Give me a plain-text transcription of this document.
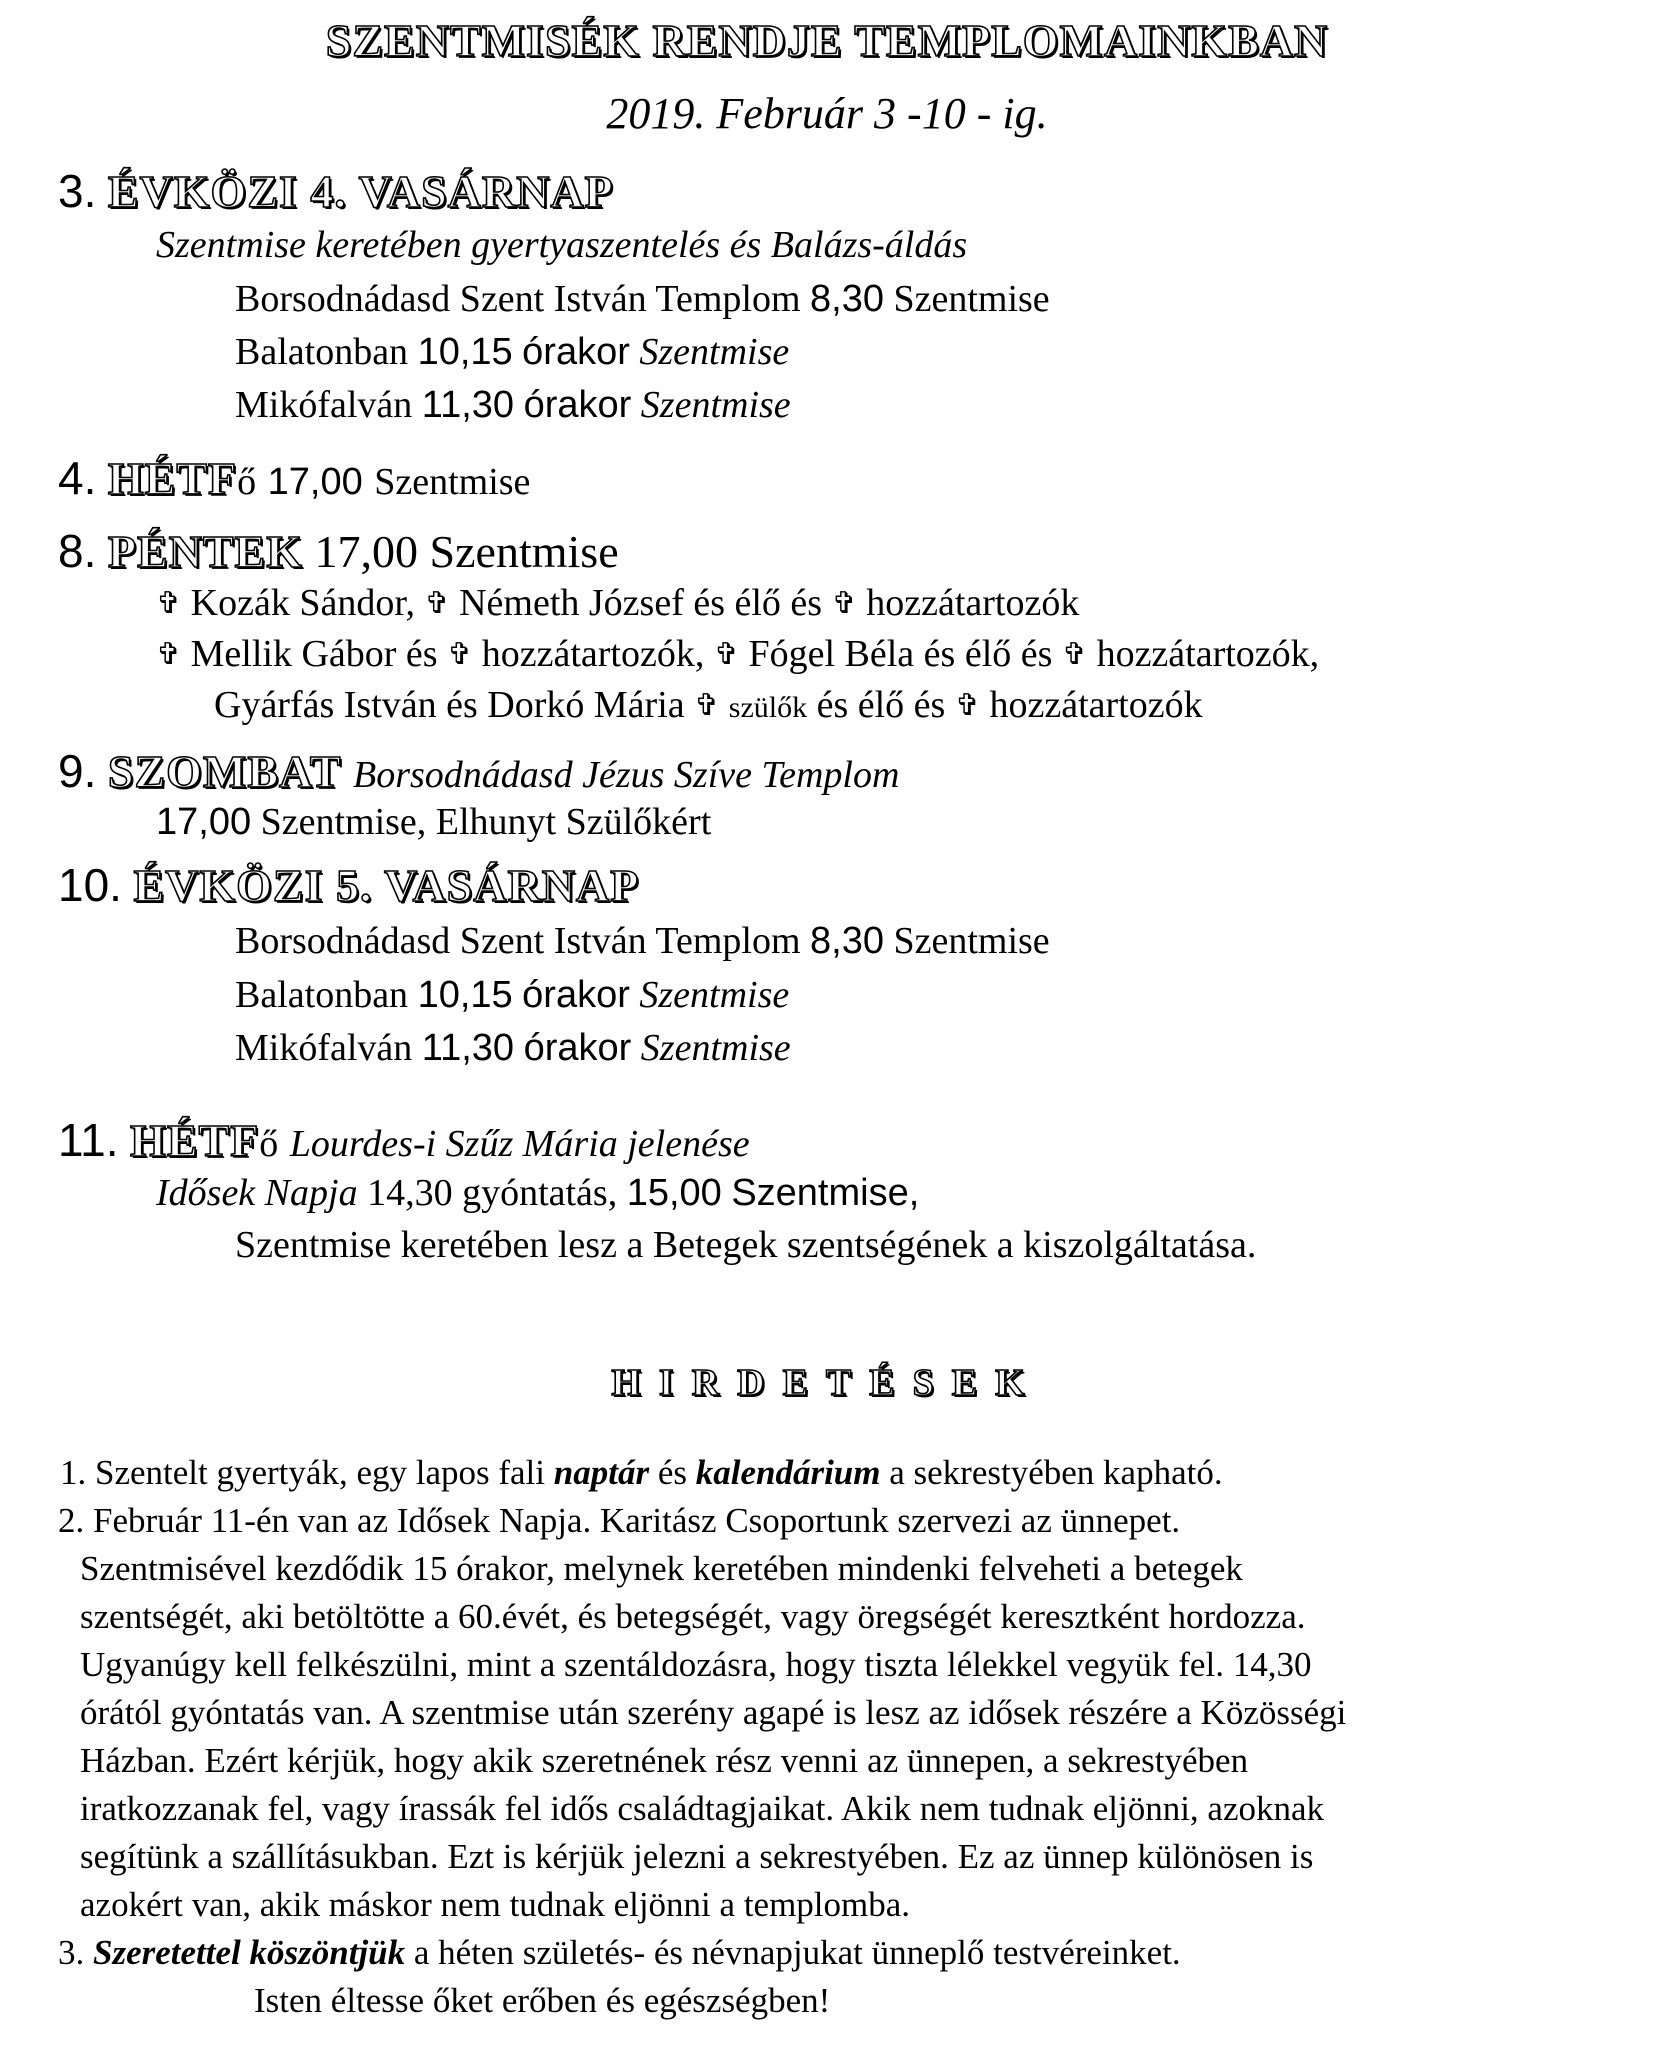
SZENTMISÉK RENDJE TEMPLOMAINKBAN
2019. Február 3 -10 - ig.
3. ÉVKÖZI 4. VASÁRNAP
Szentmise keretében gyertyaszentelés és Balázs-áldás
Borsodnádasd Szent István Templom 8,30 Szentmise
Balatonban 10,15 órakor Szentmise
Mikófalván 11,30 órakor Szentmise
4. HÉTFő 17,00 Szentmise
8. PÉNTEK 17,00 Szentmise
✞ Kozák Sándor, ✞ Németh József és élő és ✞ hozzátartozók
✞ Mellik Gábor és ✞ hozzátartozók, ✞ Fógel Béla és élő és ✞ hozzátartozók,
Gyárfás István és Dorkó Mária ✞ szülők és élő és ✞ hozzátartozók
9. SZOMBAT Borsodnádasd Jézus Szíve Templom
17,00 Szentmise, Elhunyt Szülőkért
10. ÉVKÖZI 5. VASÁRNAP
Borsodnádasd Szent István Templom 8,30 Szentmise
Balatonban 10,15 órakor Szentmise
Mikófalván 11,30 órakor Szentmise
11. HÉTFő Lourdes-i Szűz Mária jelenése
Idősek Napja 14,30 gyóntatás, 15,00 Szentmise,
Szentmise keretében lesz a Betegek szentségének a kiszolgáltatása.
HIRDETÉSEK
1. Szentelt gyertyák, egy lapos fali naptár és kalendárium a sekrestyében kapható.
2. Február 11-én van az Idősek Napja. Karitász Csoportunk szervezi az ünnepet.
Szentmisével kezdődik 15 órakor, melynek keretében mindenki felveheti a betegek
szentségét, aki betöltötte a 60.évét, és betegségét, vagy öregségét keresztként hordozza.
Ugyanúgy kell felkészülni, mint a szentáldozásra, hogy tiszta lélekkel vegyük fel. 14,30
órától gyóntatás van. A szentmise után szerény agapé is lesz az idősek részére a Közösségi
Házban. Ezért kérjük, hogy akik szeretnének rész venni az ünnepen, a sekrestyében
iratkozzanak fel, vagy írassák fel idős családtagjaikat. Akik nem tudnak eljönni, azoknak
segítünk a szállításukban. Ezt is kérjük jelezni a sekrestyében. Ez az ünnep különösen is
azokért van, akik máskor nem tudnak eljönni a templomba.
3. Szeretettel köszöntjük a héten születés- és névnapjukat ünneplő testvéreinket.
Isten éltesse őket erőben és egészségben!
